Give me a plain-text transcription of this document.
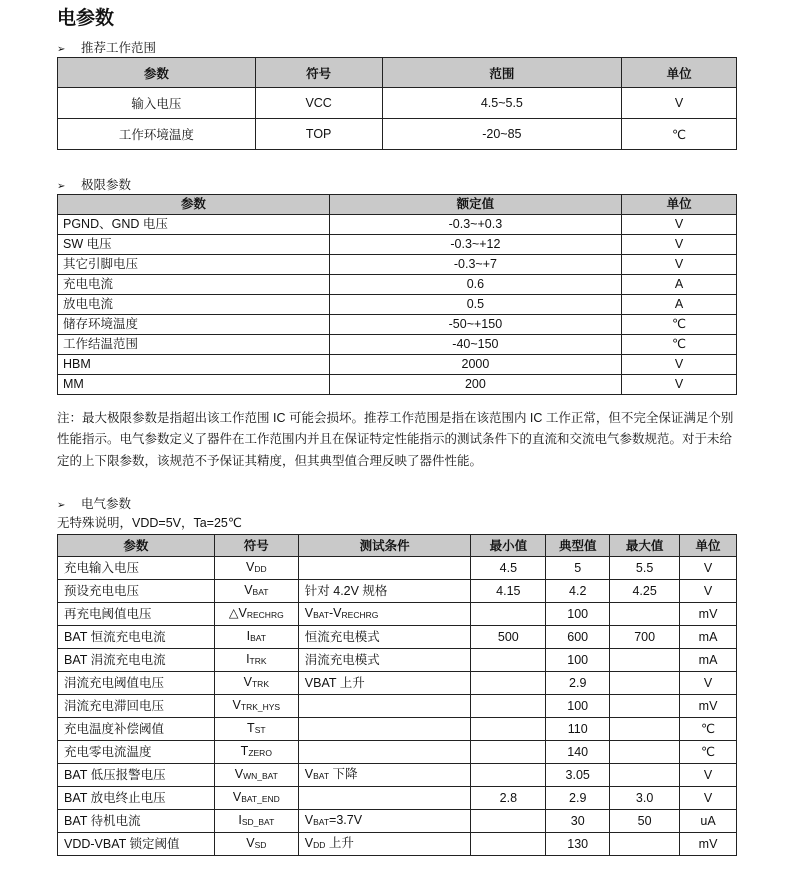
电参数
➢ 推荐工作范围
参数	符号	范围	单位
输入电压	VCC	4.5~5.5	V
工作环境温度	TOP	-20~85	℃
➢ 极限参数
参数	额定值	单位
PGND、GND 电压	-0.3~+0.3	V
SW 电压	-0.3~+12	V
其它引脚电压	-0.3~+7	V
充电电流	0.6	A
放电电流	0.5	A
储存环境温度	-50~+150	℃
工作结温范围	-40~150	℃
HBM	2000	V
MM	200	V
注：最大极限参数是指超出该工作范围 IC 可能会损坏。推荐工作范围是指在该范围内 IC 工作正常，但不完全保证满足个别性能指示。电气参数定义了器件在工作范围内并且在保证特定性能指示的测试条件下的直流和交流电气参数规范。对于未给定的上下限参数，该规范不予保证其精度，但其典型值合理反映了器件性能。
➢ 电气参数
无特殊说明，VDD=5V，Ta=25℃
参数	符号	测试条件	最小值	典型值	最大值	单位
充电输入电压	$V_{DD}$		4.5	5	5.5	V
预设充电电压	$V_{BAT}$	针对 4.2V 规格	4.15	4.2	4.25	V
再充电阈值电压	$\triangle V_{RECHRG}$	$V_{BAT}-V_{RECHRG}$		100		mV
BAT 恒流充电电流	$I_{BAT}$	恒流充电模式	500	600	700	mA
BAT 涓流充电电流	$I_{TRK}$	涓流充电模式		100		mA
涓流充电阈值电压	$V_{TRK}$	VBAT 上升		2.9		V
涓流充电滞回电压	$V_{TRK\_HYS}$			100		mV
充电温度补偿阈值	$T_{ST}$			110		℃
充电零电流温度	$T_{ZERO}$			140		℃
BAT 低压报警电压	$V_{WN\_BAT}$	$V_{BAT}$ 下降		3.05		V
BAT 放电终止电压	$V_{BAT\_END}$		2.8	2.9	3.0	V
BAT 待机电流	$I_{SD\_BAT}$	$V_{BAT}=3.7V$		30	50	uA
VDD-VBAT 锁定阈值	$V_{SD}$	$V_{DD}$ 上升		130		mV
